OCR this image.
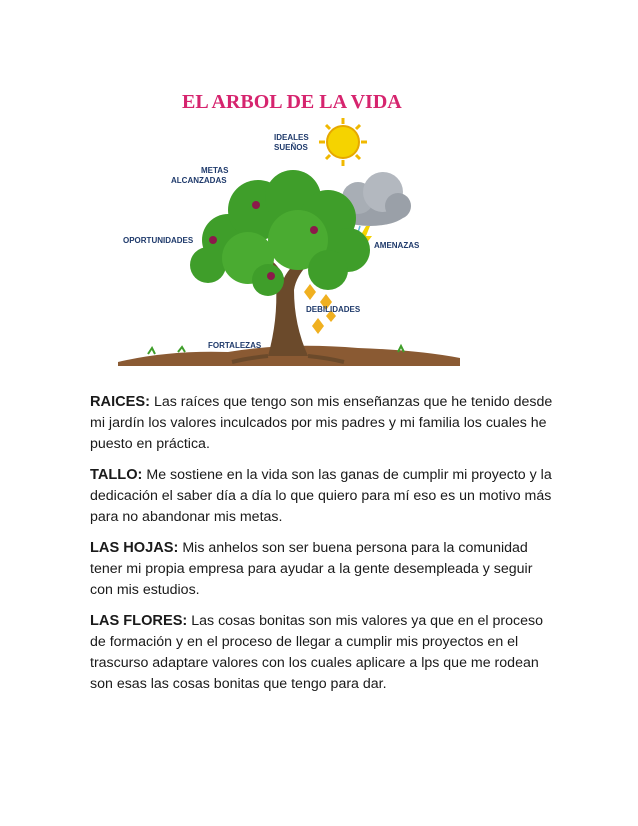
EL ARBOL DE LA VIDA
IDEALES
SUEÑOS
METAS
ALCANZADAS
OPORTUNIDADES
AMENAZAS
DEBILIDADES
FORTALEZAS

RAICES: Las raíces que tengo son mis enseñanzas que he tenido desde mi jardín los valores inculcados por mis padres y mi familia los cuales he puesto en práctica.

TALLO: Me sostiene en la vida son las ganas de cumplir mi proyecto y la dedicación el saber día a día lo que quiero para mí eso es un motivo más para no abandonar mis metas.

LAS HOJAS: Mis anhelos son ser buena persona para la comunidad tener mi propia empresa para ayudar a la gente desempleada y seguir con mis estudios.

LAS FLORES: Las cosas bonitas son mis valores ya que en el proceso de formación y en el proceso de llegar a cumplir mis proyectos en el trascurso adaptare valores con los cuales aplicare a lps que me rodean son esas las cosas bonitas que tengo para dar.
